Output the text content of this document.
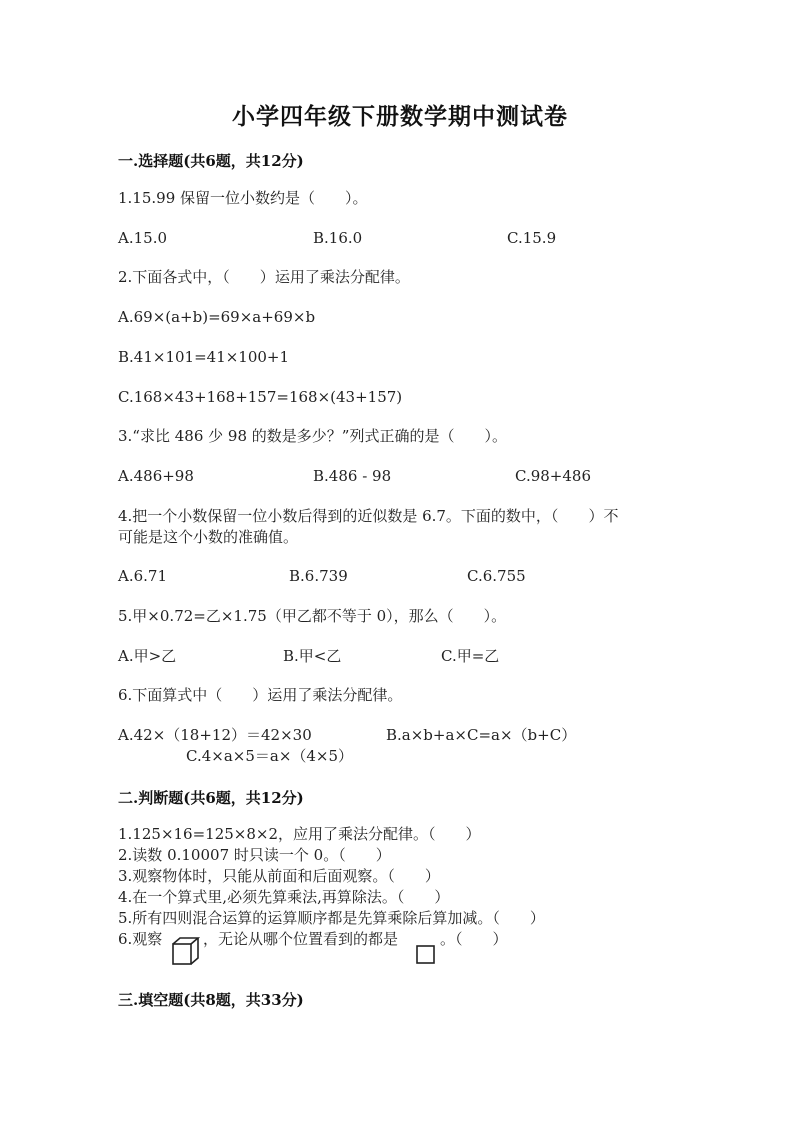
小学四年级下册数学期中测试卷
一.选择题(共6题，共12分)
1.15.99 保留一位小数约是（　　）。
A.15.0	B.16.0	C.15.9
2.下面各式中，（　　）运用了乘法分配律。
A.69×(a+b)=69×a+69×b
B.41×101=41×100+1
C.168×43+168+157=168×(43+157)
3.“求比 486 少 98 的数是多少？”列式正确的是（　　）。
A.486+98	B.486 - 98	C.98+486
4.把一个小数保留一位小数后得到的近似数是 6.7。下面的数中，（　　）不
可能是这个小数的准确值。
A.6.71	B.6.739	C.6.755
5.甲×0.72=乙×1.75（甲乙都不等于 0），那么（　　）。
A.甲>乙	B.甲<乙	C.甲=乙
6.下面算式中（　　）运用了乘法分配律。
A.42×（18+12）＝42×30	B.a×b+a×C=a×（b+C）
C.4×a×5＝a×（4×5）
二.判断题(共6题，共12分)
1.125×16=125×8×2，应用了乘法分配律。（　　）
2.读数 0.10007 时只读一个 0。（　　）
3.观察物体时，只能从前面和后面观察。（　　）
4.在一个算式里,必须先算乘法,再算除法。（　　）
5.所有四则混合运算的运算顺序都是先算乘除后算加减。（　　）
6.观察	，无论从哪个位置看到的都是	。（　　）
三.填空题(共8题，共33分)
